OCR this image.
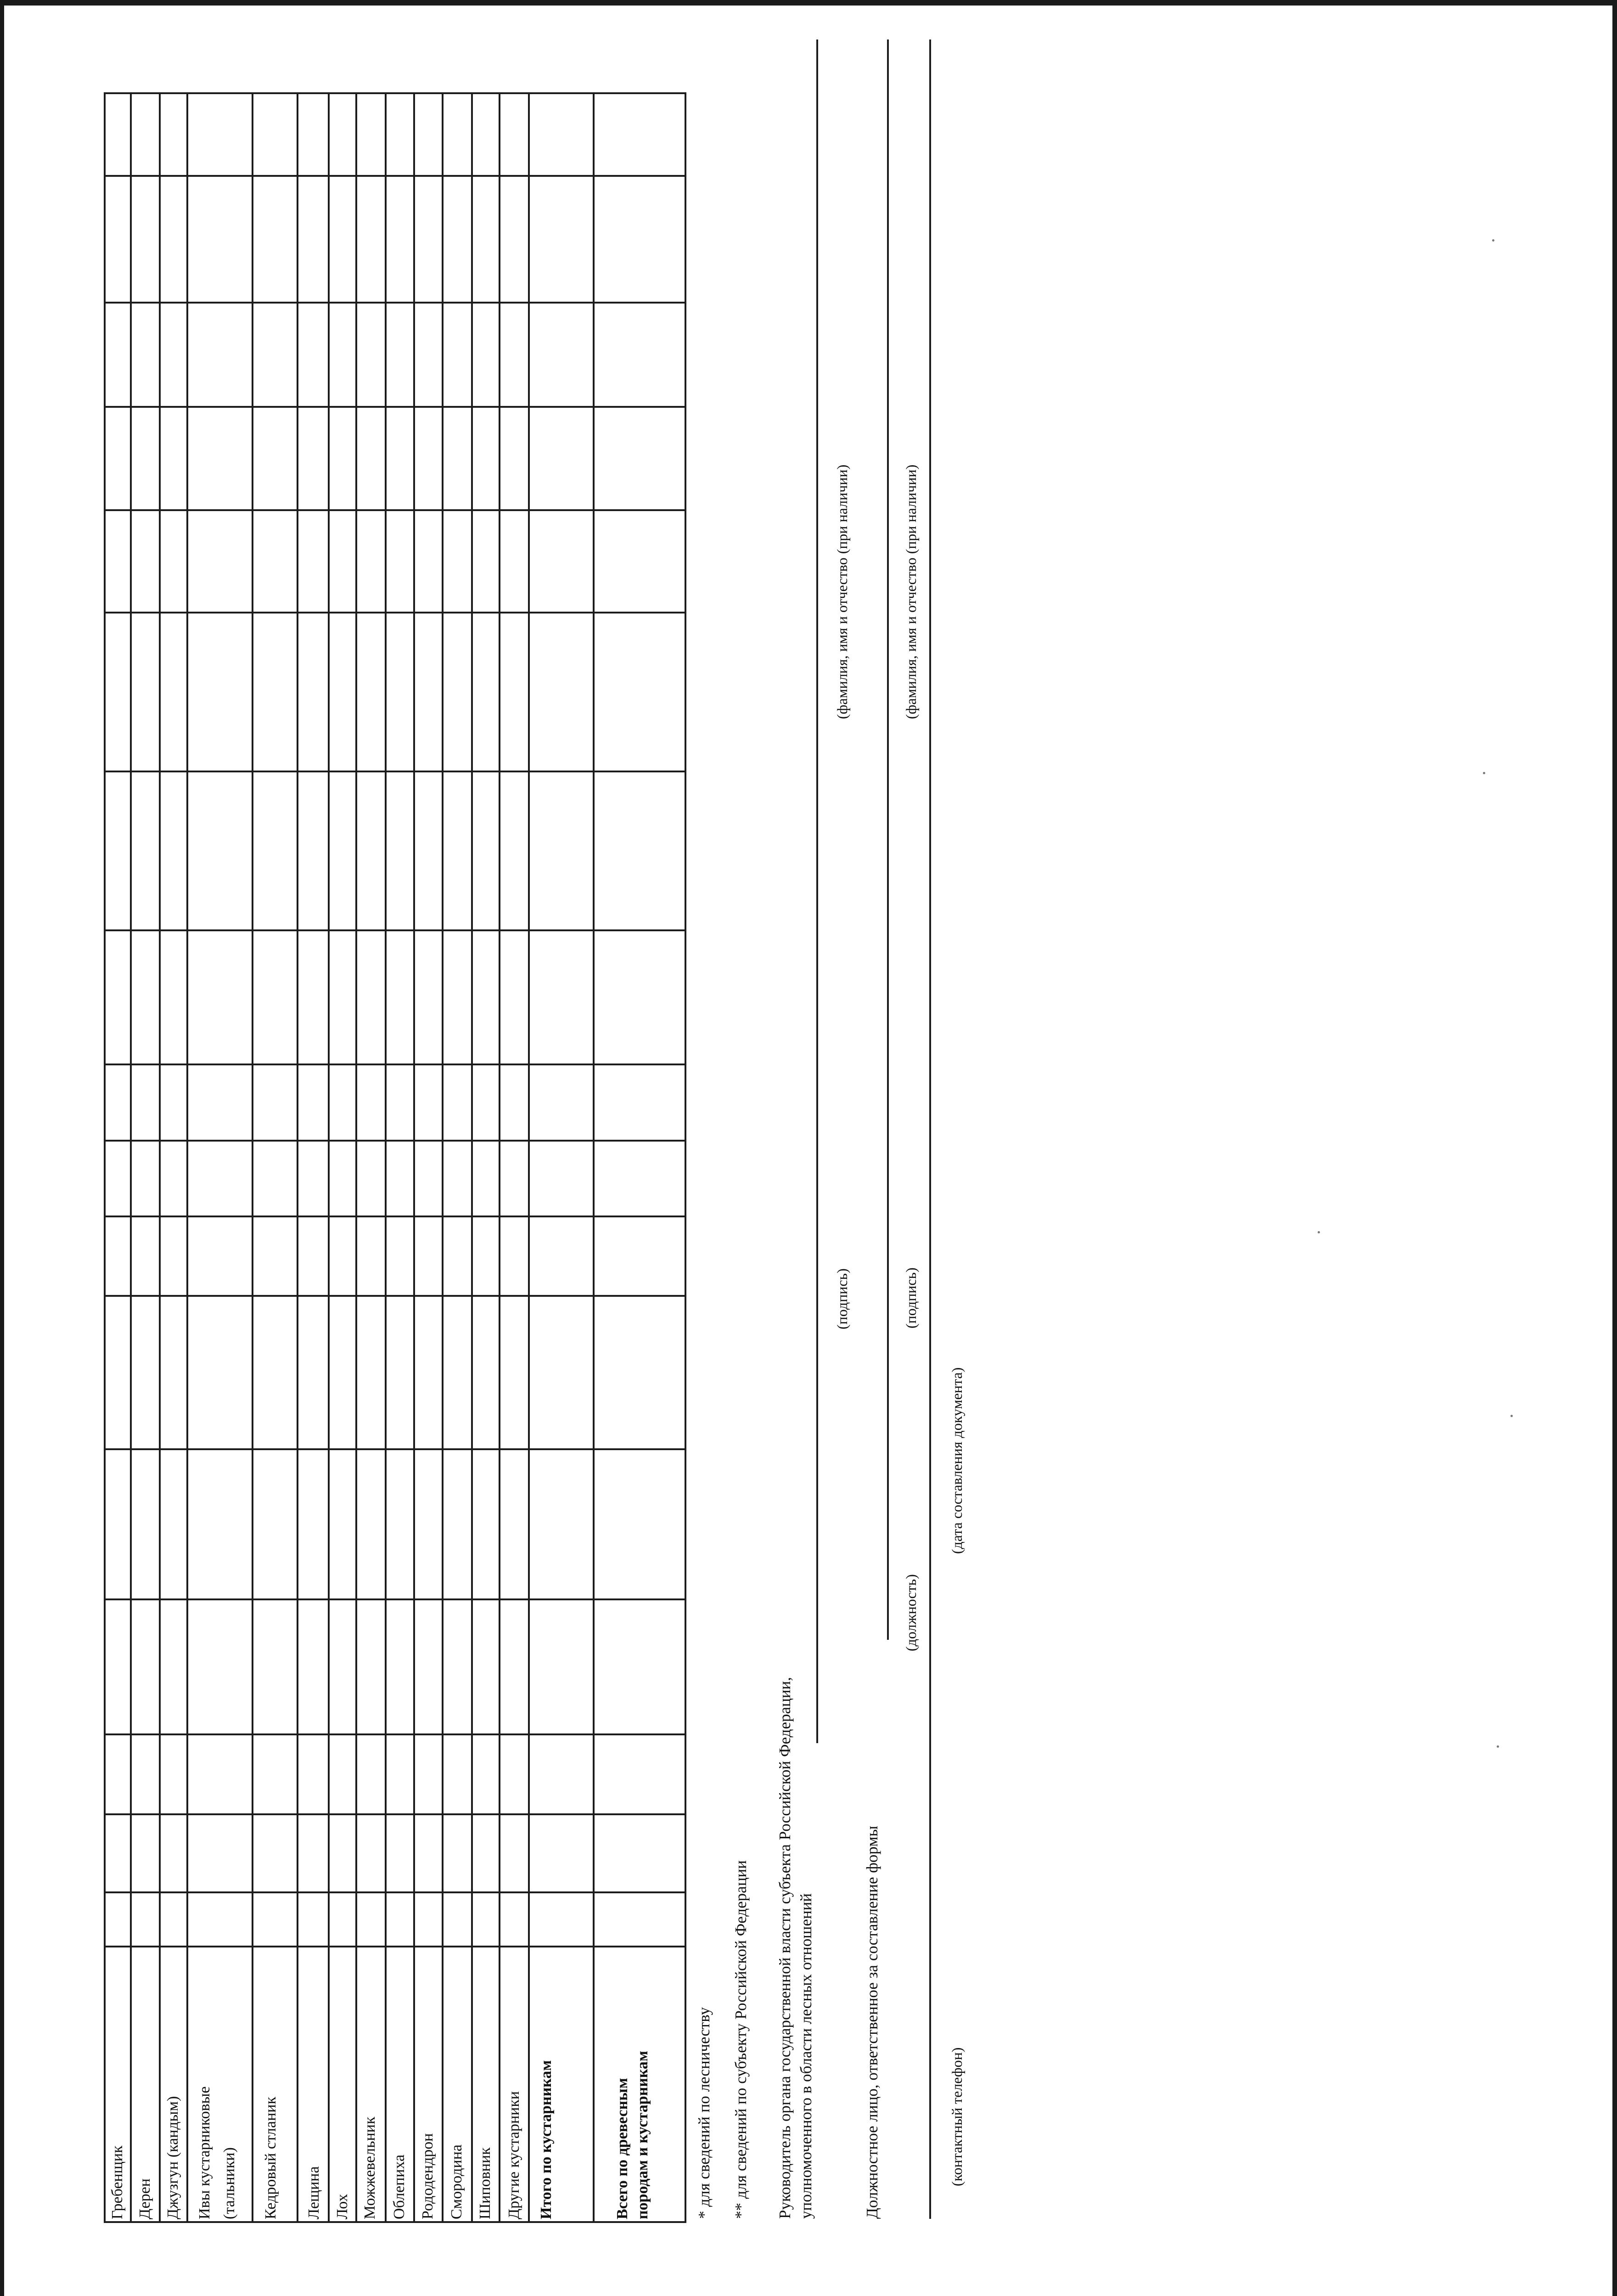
Гребенщик Дерен Джузгун (кандым) Ивы кустарниковые (тальники) Кедровый стланик Лещина Лох Можжевельник Облепиха Рододендрон Смородина Шиповник Другие кустарники Итого по кустарникам	Всего по древесным породам и кустарникам	* для сведений по лесничеству ** для сведений по субъекту Российской Федерации Руководитель органа государственной власти субъекта Российской Федерации, уполномоченного в области лесных отношений
(подпись)
(фамилия, имя и отчество (при наличии)
Должностное лицо, ответственное за составление формы
(должность)
(подпись)
(фамилия, имя и отчество (при наличии)
(контактный телефон)
(дата составления документа)
